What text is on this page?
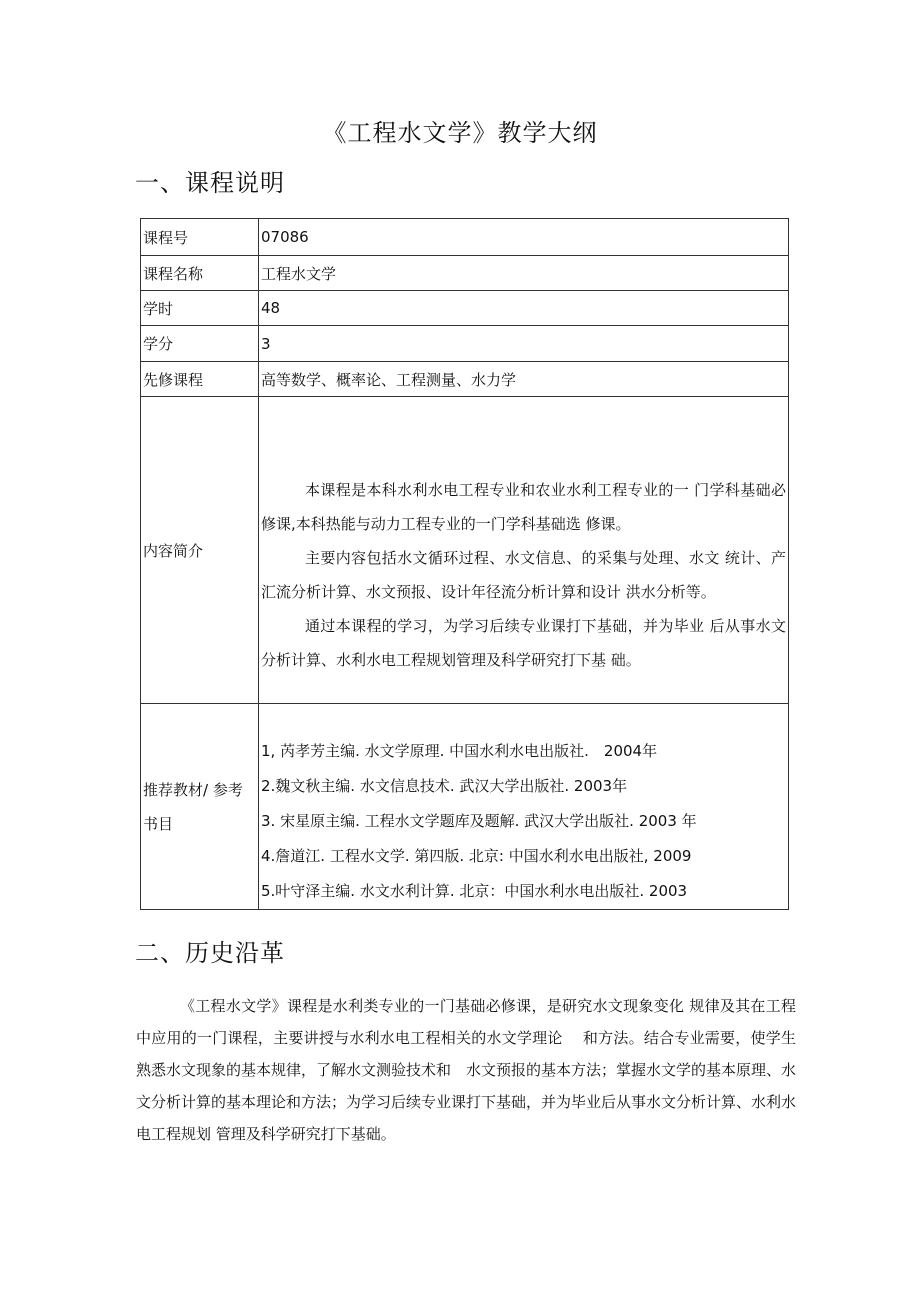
《工程水文学》教学大纲
一、课程说明
课程号	07086
课程名称	工程水文学
学时	48
学分	3
先修课程	高等数学、概率论、工程测量、水力学
内容简介	本课程是本科水利水电工程专业和农业水利工程专业的一 门学科基础必修课,本科热能与动力工程专业的一门学科基础选 修课。

主要内容包括水文循环过程、水文信息、的采集与处理、水文 统计、产汇流分析计算、水文预报、设计年径流分析计算和设计 洪水分析等。

通过本课程的学习，为学习后续专业课打下基础，并为毕业 后从事水文分析计算、水利水电工程规划管理及科学研究打下基 础。

推荐教材/ 参考书目	1, 芮孝芳主编. 水文学原理. 中国水利水电出版社.　2004年
2.魏文秋主编. 水文信息技术. 武汉大学出版社. 2003年
3. 宋星原主编. 工程水文学题库及题解. 武汉大学出版社. 2003 年
4.詹道江. 工程水文学. 第四版. 北京: 中国水利水电出版社, 2009
5.叶守泽主编. 水文水利计算. 北京：中国水利水电出版社. 2003
二、历史沿革

《工程水文学》课程是水利类专业的一门基础必修课，是研究水文现象变化 规律及其在工程中应用的一门课程，主要讲授与水利水电工程相关的水文学理论　 和方法。结合专业需要，使学生熟悉水文现象的基本规律，了解水文测验技术和　水文预报的基本方法；掌握水文学的基本原理、水文分析计算的基本理论和方法；为学习后续专业课打下基础，并为毕业后从事水文分析计算、水利水电工程规划 管理及科学研究打下基础。
